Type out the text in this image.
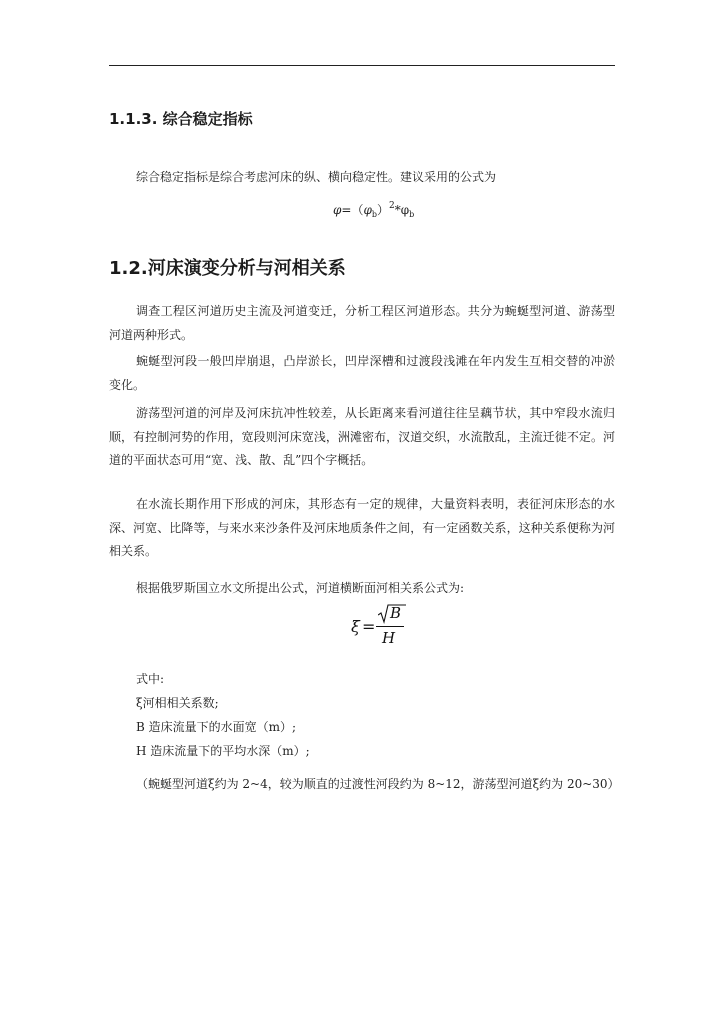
1.1.3. 综合稳定指标

综合稳定指标是综合考虑河床的纵、横向稳定性。建议采用的公式为

$\varphi=(\varphi_b)^2*\varphi_b$
1.2.河床演变分析与河相关系

调查工程区河道历史主流及河道变迁，分析工程区河道形态。共分为蜿蜒型河道、游荡型河道两种形式。

蜿蜒型河段一般凹岸崩退，凸岸淤长，凹岸深槽和过渡段浅滩在年内发生互相交替的冲淤变化。

游荡型河道的河岸及河床抗冲性较差，从长距离来看河道往往呈藕节状，其中窄段水流归顺，有控制河势的作用，宽段则河床宽浅，洲滩密布，汊道交织，水流散乱，主流迁徙不定。河道的平面状态可用“宽、浅、散、乱”四个字概括。

在水流长期作用下形成的河床，其形态有一定的规律，大量资料表明，表征河床形态的水深、河宽、比降等，与来水来沙条件及河床地质条件之间，有一定函数关系，这种关系便称为河相关系。

根据俄罗斯国立水文所提出公式，河道横断面河相关系公式为:

ξ =
B
H

式中:

ξ河相相关系数;

B 造床流量下的水面宽（m）;

H 造床流量下的平均水深（m）;

（蜿蜒型河道ξ约为 2~4，较为顺直的过渡性河段约为 8~12，游荡型河道ξ约为 20~30）
